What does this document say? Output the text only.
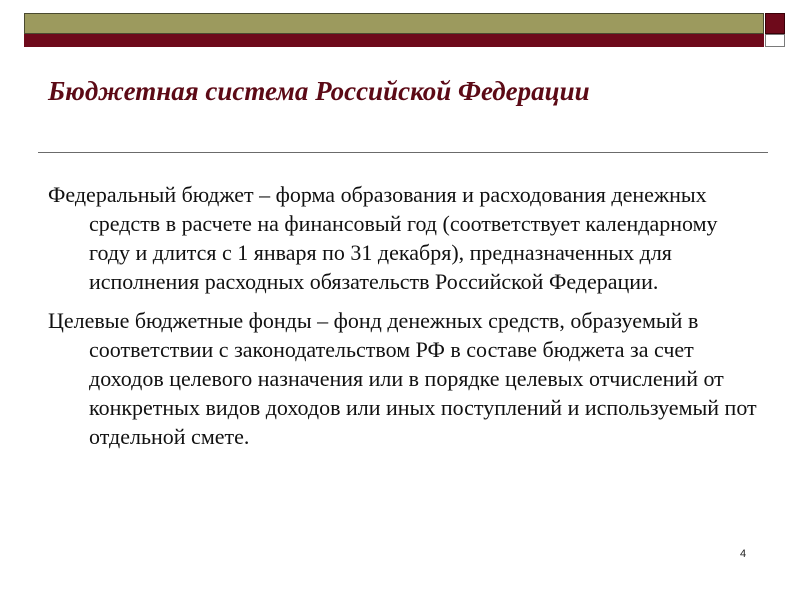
Бюджетная система Российской Федерации

Федеральный бюджет – форма образования и расходования денежных средств в расчете на финансовый год (соответствует календарному году и длится с 1 января по 31 декабря), предназначенных для исполнения расходных обязательств Российской Федерации.

Целевые бюджетные фонды – фонд денежных средств, образуемый в соответствии с законодательством РФ в составе бюджета за счет доходов целевого назначения или в порядке целевых отчислений от конкретных видов доходов или иных поступлений и используемый пот отдельной смете.

4
